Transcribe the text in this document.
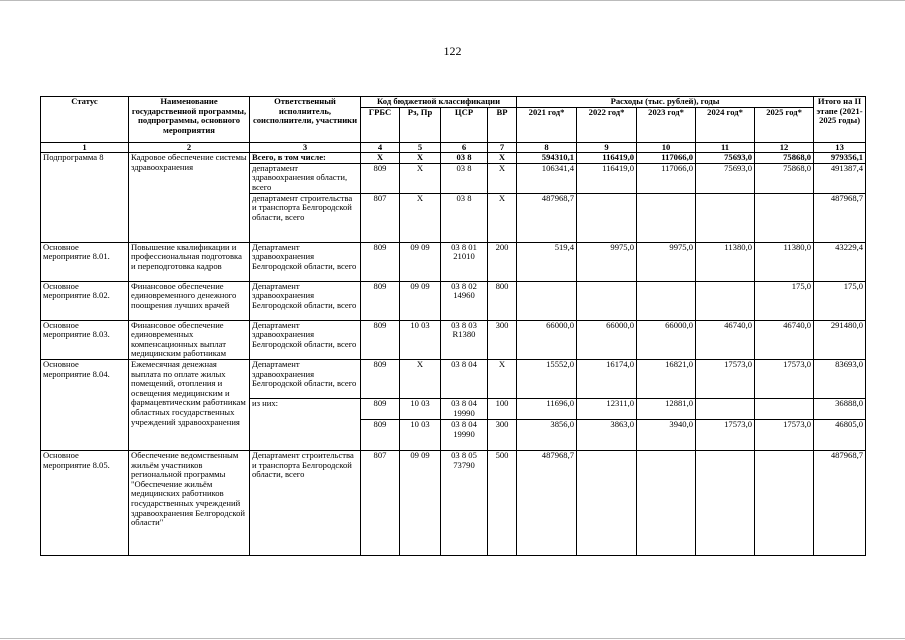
122
Статус	Наименование государственной программы, подпрограммы, основного мероприятия	Ответственный исполнитель, соисполнители, участники	Код бюджетной классификации				Расходы (тыс. рублей), годы					Итого на II этапе (2021-2025 годы)
			ГРБС	Рз, Пр	ЦСР	ВР	2021 год*	2022 год*	2023 год*	2024 год*	2025 год*	
1	2	3	4	5	6	7	8	9	10	11	12	13
Подпрограмма 8	Кадровое обеспечение системы здравоохранения	Всего, в том числе:	Х	Х	03 8	Х	594310,1	116419,0	117066,0	75693,0	75868,0	979356,1
		департамент здравоохранения области, всего	809	Х	03 8	Х	106341,4	116419,0	117066,0	75693,0	75868,0	491387,4
		департамент строительства и транспорта Белгородской области, всего	807	Х	03 8	Х	487968,7					487968,7
Основное мероприятие 8.01.	Повышение квалификации и профессиональная подготовка и переподготовка кадров	Департамент здравоохранения Белгородской области, всего	809	09 09	03 8 01 21010	200	519,4	9975,0	9975,0	11380,0	11380,0	43229,4
Основное мероприятие 8.02.	Финансовое обеспечение единовременного денежного поощрения лучших врачей	Департамент здравоохранения Белгородской области, всего	809	09 09	03 8 02 14960	800					175,0	175,0
Основное мероприятие 8.03.	Финансовое обеспечение единовременных компенсационных выплат медицинским работникам	Департамент здравоохранения Белгородской области, всего	809	10 03	03 8 03 R1380	300	66000,0	66000,0	66000,0	46740,0	46740,0	291480,0
Основное мероприятие 8.04.	Ежемесячная денежная выплата по оплате жилых помещений, отопления и освещения медицинским и фармацевтическим работникам областных государственных учреждений здравоохранения	Департамент здравоохранения Белгородской области, всего	809	Х	03 8 04	Х	15552,0	16174,0	16821,0	17573,0	17573,0	83693,0
		из них:	809	10 03	03 8 04 19990	100	11696,0	12311,0	12881,0			36888,0
			809	10 03	03 8 04 19990	300	3856,0	3863,0	3940,0	17573,0	17573,0	46805,0
Основное мероприятие 8.05.	Обеспечение ведомственным жильём участников региональной программы "Обеспечение жильём медицинских работников государственных учреждений здравоохранения Белгородской области"	Департамент строительства и транспорта Белгородской области, всего	807	09 09	03 8 05 73790	500	487968,7					487968,7
